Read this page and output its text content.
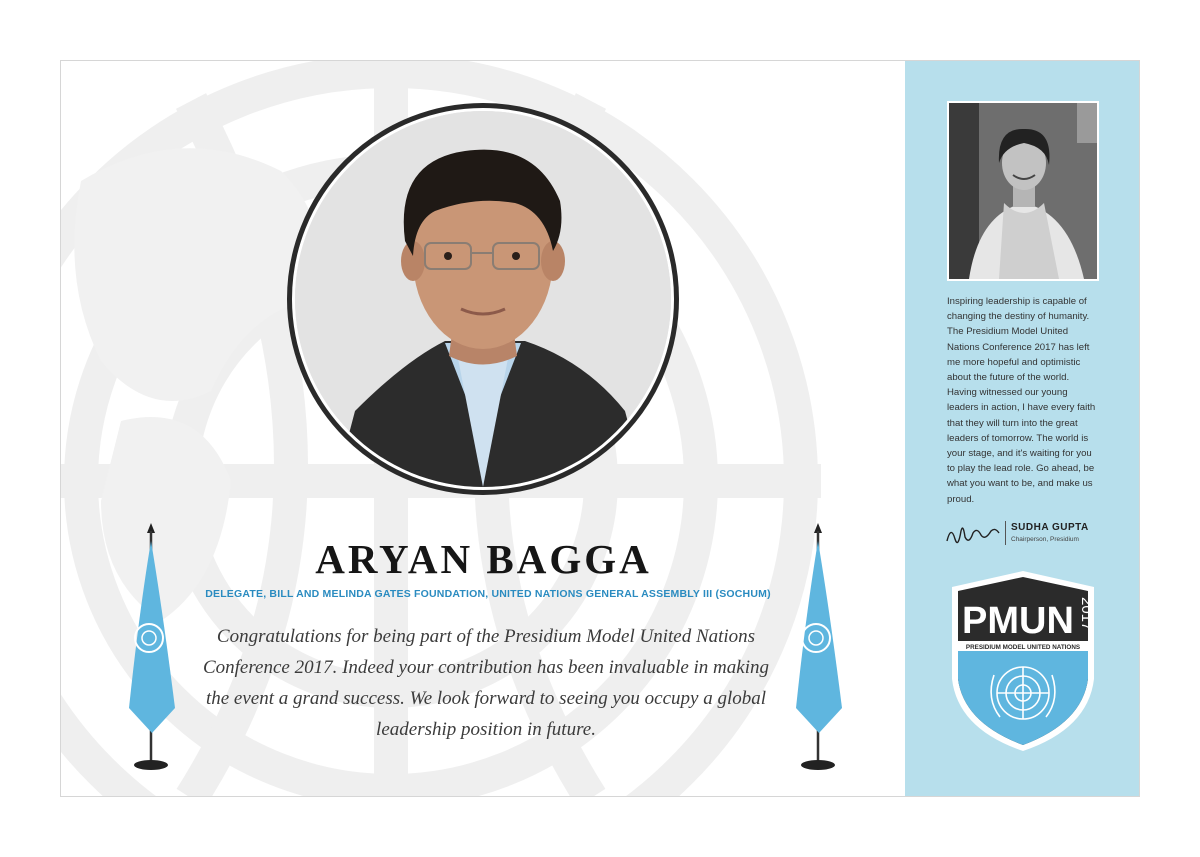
ARYAN BAGGA
DELEGATE, BILL AND MELINDA GATES FOUNDATION, UNITED NATIONS GENERAL ASSEMBLY III (SOCHUM)

Congratulations for being part of the Presidium Model United Nations Conference 2017. Indeed your contribution has been invaluable in making the event a grand success. We look forward to seeing you occupy a global leadership position in future.

Inspiring leadership is capable of changing the destiny of humanity. The Presidium Model United Nations Conference 2017 has left me more hopeful and optimistic about the future of the world. Having witnessed our young leaders in action, I have every faith that they will turn into the great leaders of tomorrow. The world is your stage, and it's waiting for you to play the lead role. Go ahead, be what you want to be, and make us proud.

SUDHA GUPTA
Chairperson, Presidium
PMUN 2017
PRESIDIUM MODEL UNITED NATIONS
